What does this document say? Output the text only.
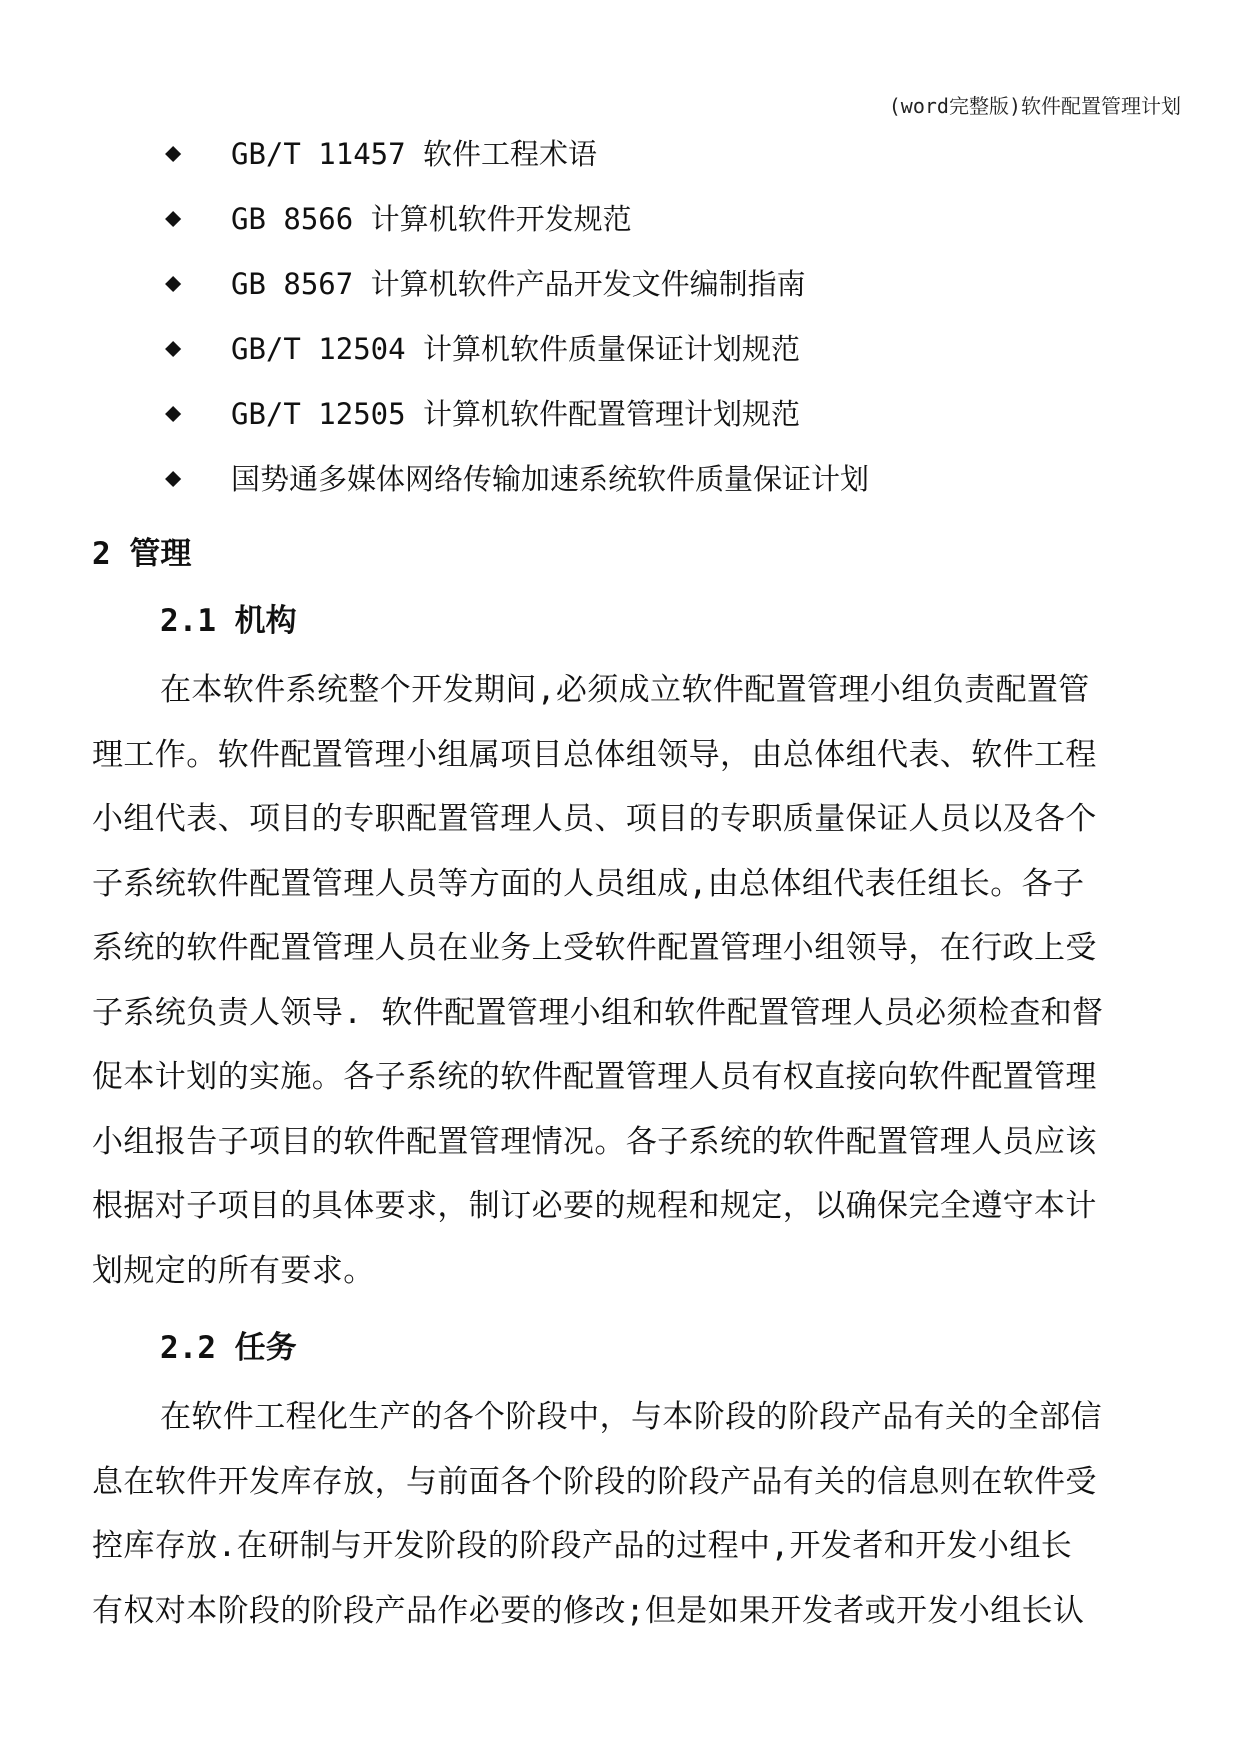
(word完整版)软件配置管理计划
◆	GB/T 11457 软件工程术语
◆	GB 8566 计算机软件开发规范
◆	GB 8567 计算机软件产品开发文件编制指南
◆	GB/T 12504 计算机软件质量保证计划规范
◆	GB/T 12505 计算机软件配置管理计划规范
◆	国势通多媒体网络传输加速系统软件质量保证计划
2 管理
2.1 机构
在本软件系统整个开发期间,必须成立软件配置管理小组负责配置管
理工作。软件配置管理小组属项目总体组领导，由总体组代表、软件工程
小组代表、项目的专职配置管理人员、项目的专职质量保证人员以及各个
子系统软件配置管理人员等方面的人员组成,由总体组代表任组长。各子
系统的软件配置管理人员在业务上受软件配置管理小组领导，在行政上受
子系统负责人领导. 软件配置管理小组和软件配置管理人员必须检查和督
促本计划的实施。各子系统的软件配置管理人员有权直接向软件配置管理
小组报告子项目的软件配置管理情况。各子系统的软件配置管理人员应该
根据对子项目的具体要求，制订必要的规程和规定，以确保完全遵守本计
划规定的所有要求。
2.2 任务
在软件工程化生产的各个阶段中，与本阶段的阶段产品有关的全部信
息在软件开发库存放，与前面各个阶段的阶段产品有关的信息则在软件受
控库存放.在研制与开发阶段的阶段产品的过程中,开发者和开发小组长
有权对本阶段的阶段产品作必要的修改;但是如果开发者或开发小组长认
